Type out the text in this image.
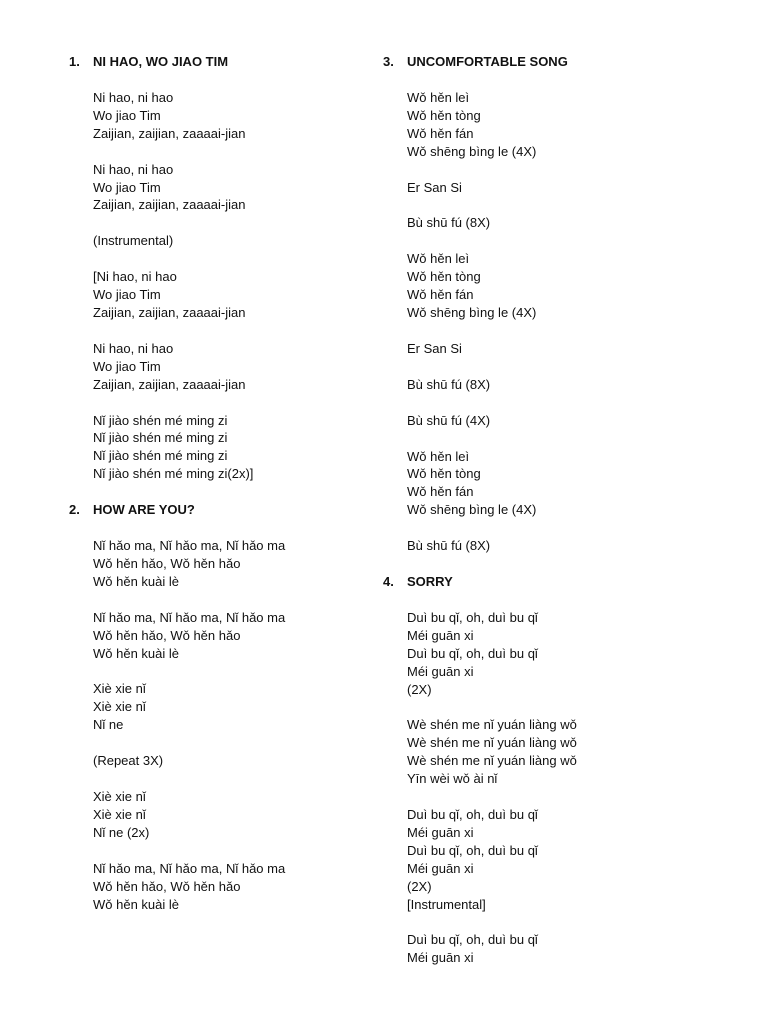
1.	NI HAO, WO JIAO TIM
Ni hao, ni hao
Wo jiao Tim
Zaijian, zaijian, zaaaai-jian
Ni hao, ni hao
Wo jiao Tim
Zaijian, zaijian, zaaaai-jian
(Instrumental)
[Ni hao, ni hao
Wo jiao Tim
Zaijian, zaijian, zaaaai-jian
Ni hao, ni hao
Wo jiao Tim
Zaijian, zaijian, zaaaai-jian
Nǐ jiào shén mé ming zi
Nǐ jiào shén mé ming zi
Nǐ jiào shén mé ming zi
Nǐ jiào shén mé ming zi(2x)]
2.	HOW ARE YOU?
Nǐ hǎo ma, Nǐ hǎo ma, Nǐ hǎo ma
Wǒ hěn hǎo, Wǒ hěn hǎo
Wǒ hěn kuài lè
Nǐ hǎo ma, Nǐ hǎo ma, Nǐ hǎo ma
Wǒ hěn hǎo, Wǒ hěn hǎo
Wǒ hěn kuài lè
Xiè xie nǐ
Xiè xie nǐ
Nǐ ne
(Repeat 3X)
Xiè xie nǐ
Xiè xie nǐ
Nǐ ne (2x)
Nǐ hǎo ma, Nǐ hǎo ma, Nǐ hǎo ma
Wǒ hěn hǎo, Wǒ hěn hǎo
Wǒ hěn kuài lè
3.	UNCOMFORTABLE SONG
Wǒ hěn leì
Wǒ hěn tòng
Wǒ hěn fán
Wǒ shēng bìng le (4X)
Er San Si
Bù shū fú (8X)
Wǒ hěn leì
Wǒ hěn tòng
Wǒ hěn fán
Wǒ shēng bìng le (4X)
Er San Si
Bù shū fú (8X)
Bù shū fú (4X)
Wǒ hěn leì
Wǒ hěn tòng
Wǒ hěn fán
Wǒ shēng bìng le (4X)
Bù shū fú (8X)
4.	SORRY
Duì bu qǐ, oh, duì bu qǐ
Méi guān xi
Duì bu qǐ, oh, duì bu qǐ
Méi guān xi
(2X)
Wè shén me nǐ yuán liàng wǒ
Wè shén me nǐ yuán liàng wǒ
Wè shén me nǐ yuán liàng wǒ
Yīn wèi wǒ ài nǐ
Duì bu qǐ, oh, duì bu qǐ
Méi guān xi
Duì bu qǐ, oh, duì bu qǐ
Méi guān xi
(2X)
[Instrumental]
Duì bu qǐ, oh, duì bu qǐ
Méi guān xi
